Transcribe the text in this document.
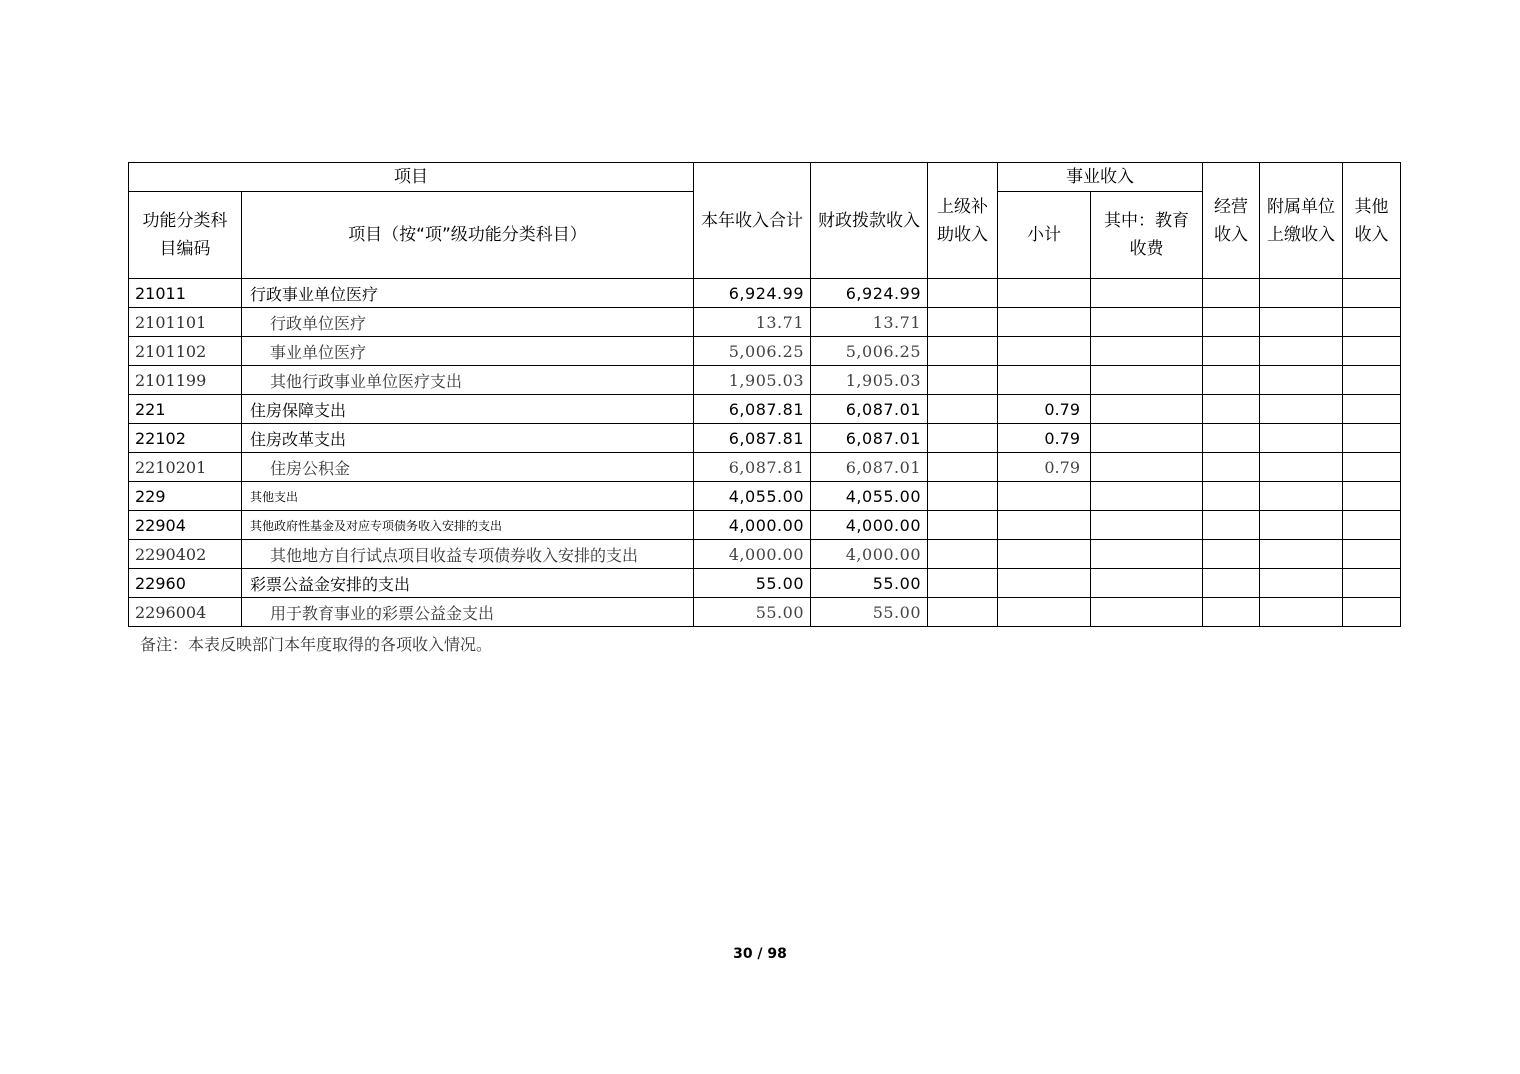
项目		本年收入合计	财政拨款收入	上级补助收入	事业收入		经营收入	附属单位上缴收入	其他收入
功能分类科目编码	项目（按“项”级功能分类科目）								
					小计	其中：教育收费			
21011	行政事业单位医疗	6,924.99	6,924.99						
2101101	行政单位医疗	13.71	13.71						
2101102	事业单位医疗	5,006.25	5,006.25						
2101199	其他行政事业单位医疗支出	1,905.03	1,905.03						
221	住房保障支出	6,087.81	6,087.01		0.79				
22102	住房改革支出	6,087.81	6,087.01		0.79				
2210201	住房公积金	6,087.81	6,087.01		0.79				
229	其他支出	4,055.00	4,055.00						
22904	其他政府性基金及对应专项债务收入安排的支出	4,000.00	4,000.00						
2290402	其他地方自行试点项目收益专项债券收入安排的支出	4,000.00	4,000.00						
22960	彩票公益金安排的支出	55.00	55.00						
2296004	用于教育事业的彩票公益金支出	55.00	55.00						
备注：本表反映部门本年度取得的各项收入情况。
30 / 98
